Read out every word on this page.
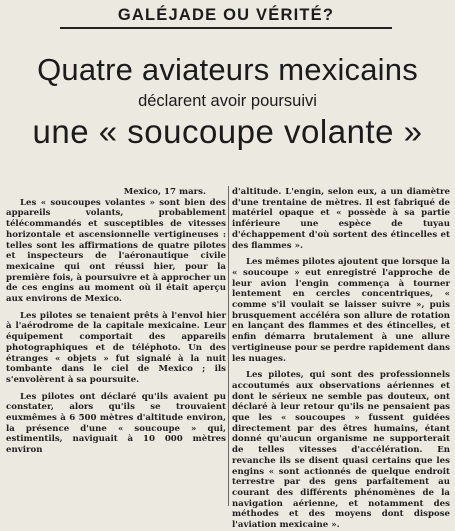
GALÉJADE OU VÉRITÉ?
Quatre aviateurs mexicains
déclarent avoir poursuivi
une « soucoupe volante »
Mexico, 17 mars.

Les « soucoupes volantes » sont bien des appareils volants, probablement télécommandés et susceptibles de vitesses horizontale et ascensionnelle vertigineuses : telles sont les affirmations de quatre pilotes et inspecteurs de l'aéronautique civile mexicaine qui ont réussi hier, pour la première fois, à poursuivre et à approcher un de ces engins au moment où il était aperçu aux environs de Mexico.

Les pilotes se tenaient prêts à l'envol hier à l'aérodrome de la capitale mexicaine. Leur équipement comportait des appareils photographiques et de téléphoto. Un des étranges « objets » fut signalé à la nuit tombante dans le ciel de Mexico ; ils s'envolèrent à sa poursuite.

Les pilotes ont déclaré qu'ils avaient pu constater, alors qu'ils se trouvaient euxmêmes à 6 500 mètres d'altitude environ, la présence d'une « soucoupe » qui, estimentils, naviguait à 10 000 mètres environ

d'altitude. L'engin, selon eux, a un diamètre d'une trentaine de mètres. Il est fabriqué de matériel opaque et « possède à sa partie inférieure une espèce de tuyau d'échappement d'où sortent des étincelles et des flammes ».

Les mêmes pilotes ajoutent que lorsque la « soucoupe » eut enregistré l'approche de leur avion l'engin commença à tourner lentement en cercles concentriques, « comme s'il voulait se laisser suivre », puis brusquement accéléra son allure de rotation en lançant des flammes et des étincelles, et enfin démarra brutalement à une allure vertigineuse pour se perdre rapidement dans les nuages.

Les pilotes, qui sont des professionnels accoutumés aux observations aériennes et dont le sérieux ne semble pas douteux, ont déclaré à leur retour qu'ils ne pensaient pas que les « soucoupes » fussent guidées directement par des êtres humains, étant donné qu'aucun organisme ne supporterait de telles vitesses d'accélération. En revanche ils se disent quasi certains que les engins « sont actionnés de quelque endroit terrestre par des gens parfaitement au courant des différents phénomènes de la navigation aérienne, et notamment des méthodes et des moyens dont dispose l'aviation mexicaine ».
